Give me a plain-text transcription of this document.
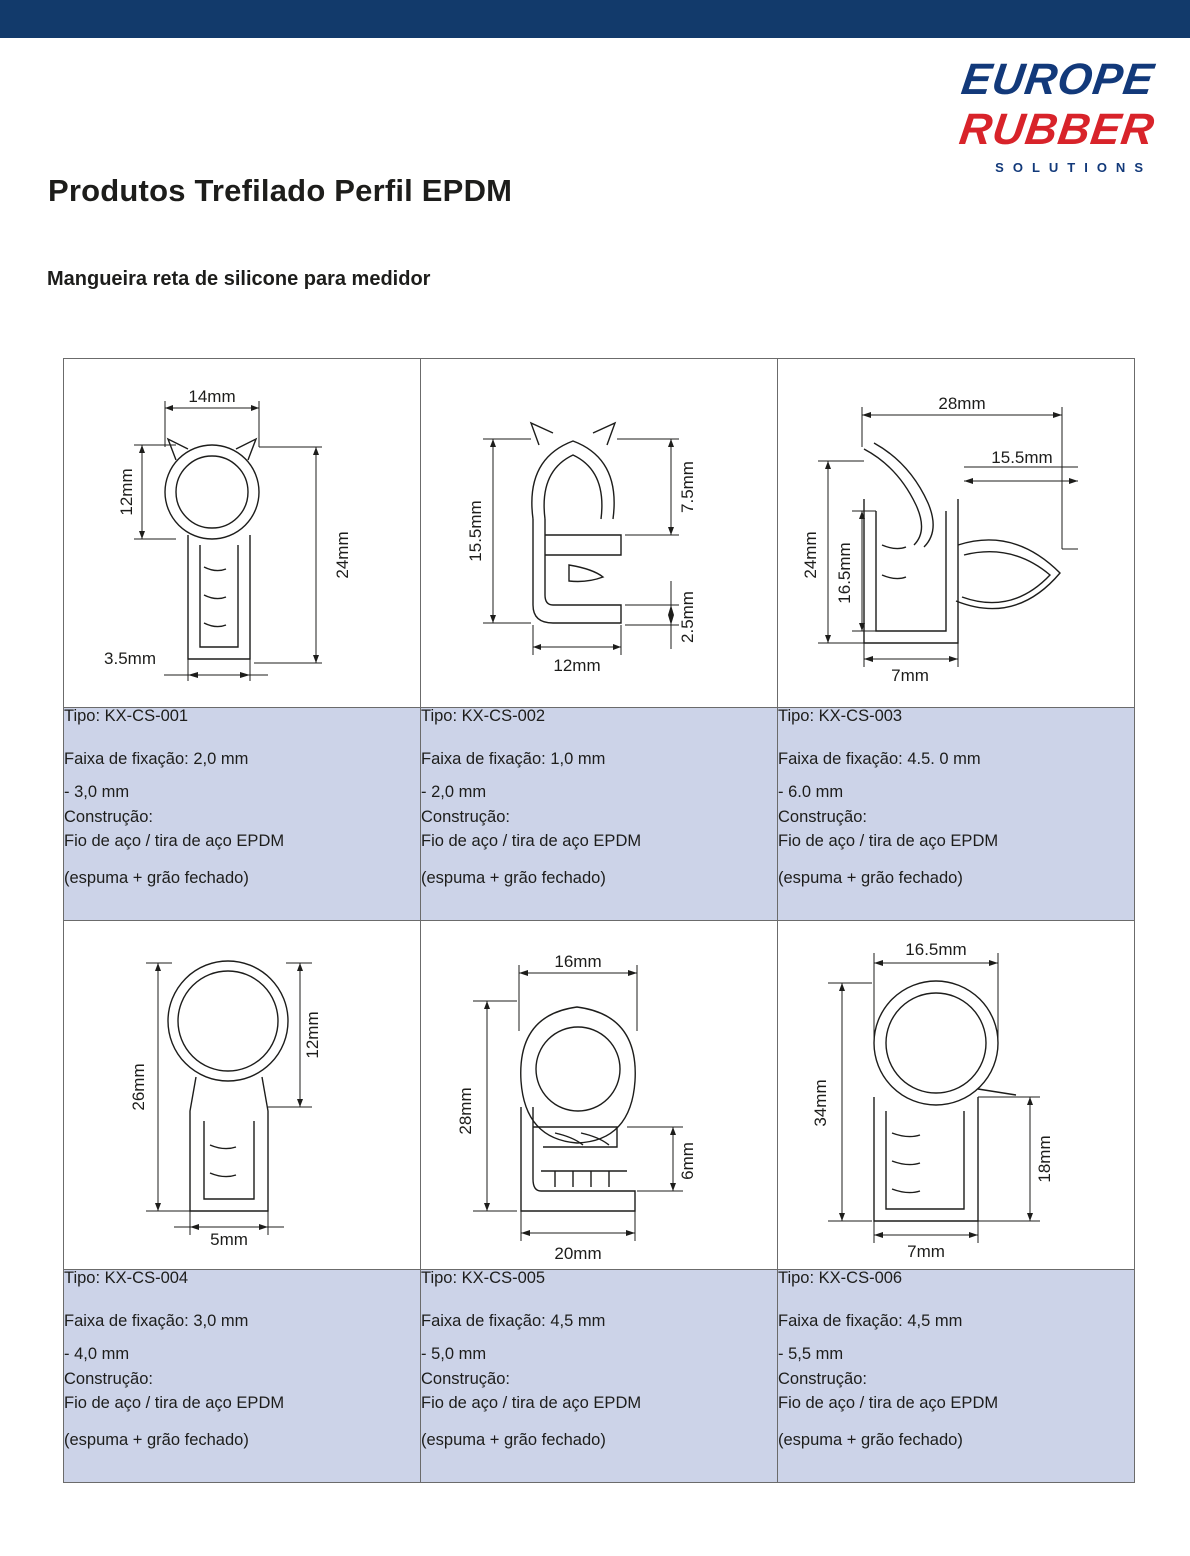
EUROPE
RUBBER
SOLUTIONS
Produtos Trefilado Perfil EPDM
Mangueira reta de silicone para medidor
14mm
12mm
24mm
3.5mm	15.5mm
7.5mm
12mm
2.5mm	28mm
15.5mm
24mm 16.5mm
7mm

Tipo: KX-CS-001

Faixa de fixação: 2,0 mm

- 3,0 mm

Construção:

Fio de aço / tira de aço EPDM

(espuma + grão fechado)

Tipo: KX-CS-002

Faixa de fixação: 1,0 mm

- 2,0 mm

Construção:

Fio de aço / tira de aço EPDM

(espuma + grão fechado)

Tipo: KX-CS-003

Faixa de fixação: 4.5. 0 mm

- 6.0 mm

Construção:

Fio de aço / tira de aço EPDM

(espuma + grão fechado)

26mm
12mm
5mm	16mm
28mm
6mm
20mm	16.5mm
34mm
18mm
7mm

Tipo: KX-CS-004

Faixa de fixação: 3,0 mm

- 4,0 mm

Construção:

Fio de aço / tira de aço EPDM

(espuma + grão fechado)

Tipo: KX-CS-005

Faixa de fixação: 4,5 mm

- 5,0 mm

Construção:

Fio de aço / tira de aço EPDM

(espuma + grão fechado)

Tipo: KX-CS-006

Faixa de fixação: 4,5 mm

- 5,5 mm

Construção:

Fio de aço / tira de aço EPDM

(espuma + grão fechado)
